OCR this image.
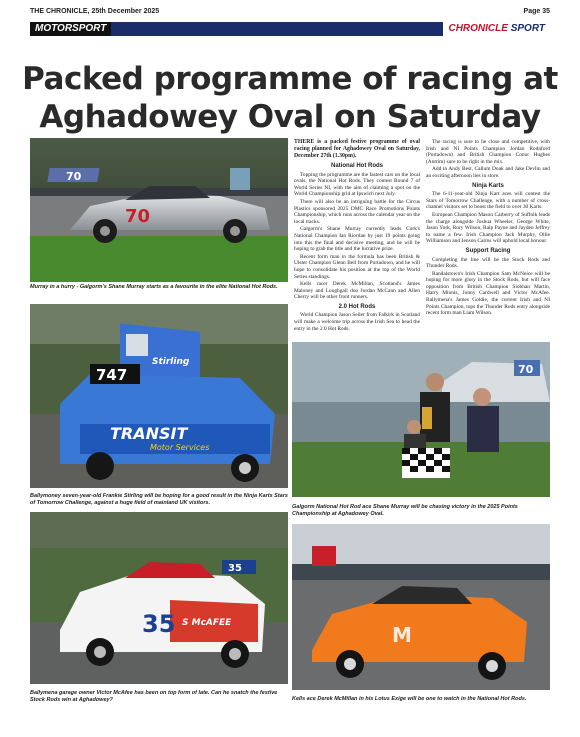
THE CHRONICLE, 25th December 2025	Page 35
MOTORSPORT	CHRONICLE SPORT
Packed programme of racing at Aghadowey Oval on Saturday
70
70
Murray in a hurry - Galgorm's Shane Murray starts as a favourite in the elite National Hot Rods.
747
Stirling
TRANSIT
Motor Services
Ballymoney seven-year-old Frankie Stirling will be hoping for a good result in the Ninja Karts Stars of Tomorrow Challenge, against a huge field of mainland UK visitors.
35
35 S McAFEE
Ballymena garage owner Victor McAfee has been on top form of late. Can he snatch the festive Stock Rods win at Aghadowey?

THERE is a packed festive programme of oval racing planned for Aghadowey Oval on Saturday, December 27th (1.30pm).

National Hot Rods

Topping the programme are the fastest cars on the local ovals, the National Hot Rods. They contest Round 7 of World Series NI, with the aim of claiming a spot on the World Championship grid at Ipswich next July.

There will also be an intriguing battle for the Circus Plastics sponsored 2025 DMC Race Promotions Points Championship, which runs across the calendar year on the local tracks.

Galgorm's Shane Murray currently leads Cork's National Champion Ian Riordan by just 19 points going into this the final and decisive meeting, and he will be hoping to grab the title and the lucrative prize.

Recent form man in the formula has been British & Ulster Champion Glenn Bell from Portadown, and he will hope to consolidate his position at the top of the World Series standings.

Kells racer Derek McMillan, Scotland's James Maloney and Loughgall duo Jordan McCann and Allen Cherry will be other front runners.

2.0 Hot Rods

World Champion Jason Seiler from Falkirk in Scotland will make a welcome trip across the Irish Sea to head the entry in the 2.0 Hot Rods.

The racing is sure to be close and competitive, with Irish and NI Points Champion Jordan Rodnford (Portadown) and British Champion Conor Hughes (Antrim) sure to be right in the mix.

Add in Andy Best, Callum Doak and Jake Devlin and an exciting afternoon lies in store.

Ninja Karts

The 6-11-year-old Ninja Kart aces will contest the Stars of Tomorrow Challenge, with a number of cross-channel visitors set to boost the field to over 30 Karts.

European Champion Mason Carberry of Suffolk leads the charge alongside Joshua Wheeler, George White, Jason York, Rory Wilson, Ralp Payne and Jayden Jeffrey to name a few. Irish Champion Jack Murphy, Ollie Williamson and Jenson Cairns will uphold local honour.

Support Racing

Completing the line will be the Stock Rods and Thunder Rods.

Randalstown's Irish Champion Sam McNeice will be hoping for more glory in the Stock Rods, but will face opposition from British Champion Siobhan Martin, Harry Minnis, Jonny Cardwell and Victor McAfee. Ballymena's James Goldie, the current Irish and NI Points Champion, tops the Thunder Rods entry alongside recent form man Liam Wilson.

70
Galgorm National Hot Rod ace Shane Murray will be chasing victory in the 2025 Points Championship at Aghadowey Oval.
M
Kells ace Derek McMillan in his Lotus Exige will be one to watch in the National Hot Rods.
